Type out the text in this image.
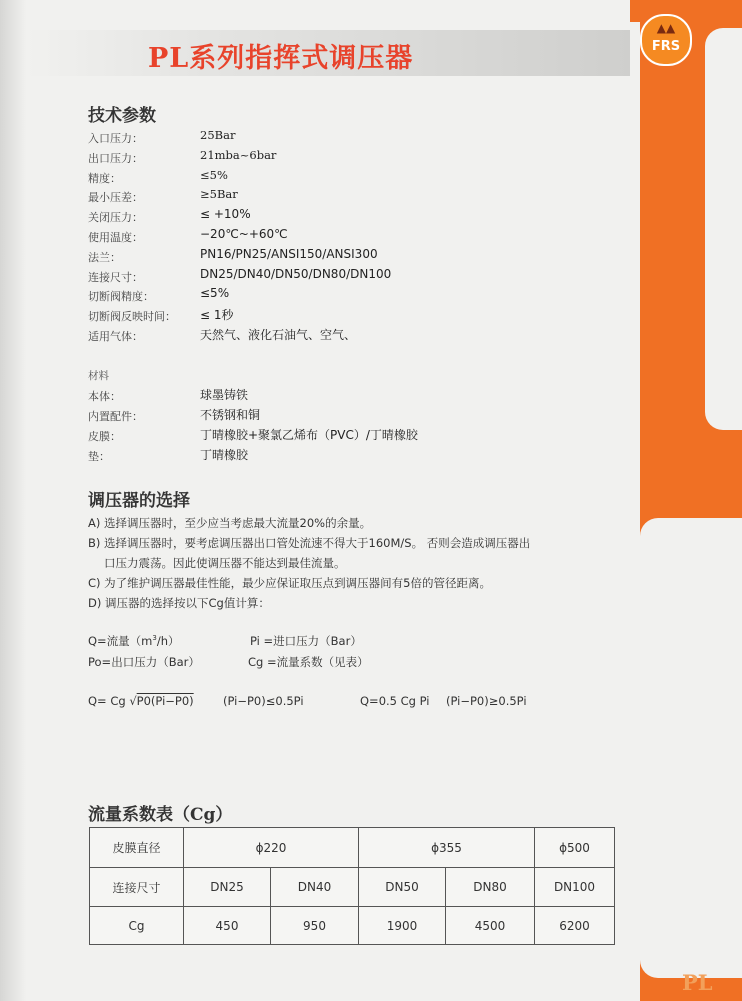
PL系列指挥式调压器
▲▲
FRS
技术参数
入口压力：	25Bar
出口压力：	21mba~6bar
精度：	≤5%
最小压差：	≥5Bar
关闭压力：	≤ +10%
使用温度：	−20℃~+60℃
法兰：	PN16/PN25/ANSI150/ANSI300
连接尺寸：	DN25/DN40/DN50/DN80/DN100
切断阀精度：	≤5%
切断阀反映时间： ≤ 1秒
适用气体：	天然气、液化石油气、空气、
材料
本体：	球墨铸铁
内置配件：	不锈钢和铜
皮膜：	丁晴橡胶+聚氯乙烯布（PVC）/丁晴橡胶
垫：	丁晴橡胶
调压器的选择
A) 选择调压器时，至少应当考虑最大流量20%的余量。
B) 选择调压器时，要考虑调压器出口管处流速不得大于160M/S。 否则会造成调压器出
口压力震荡。因此使调压器不能达到最佳流量。
C) 为了维护调压器最佳性能，最少应保证取压点到调压器间有5倍的管径距离。
D) 调压器的选择按以下Cg值计算：
Q=流量$(m^3/h)$	Pi =进口压力（Bar）
Po=出口压力（Bar）	Cg =流量系数（见表）
Q= Cg √P0(Pi−P0)	(Pi−P0)≤0.5Pi	Q=0.5 Cg Pi (Pi−P0)≥0.5Pi
流量系数表（Cg）
皮膜直径	ϕ220		ϕ355		ϕ500
连接尺寸	DN25	DN40	DN50	DN80	DN100
Cg	450	950	1900	4500	6200
PL
